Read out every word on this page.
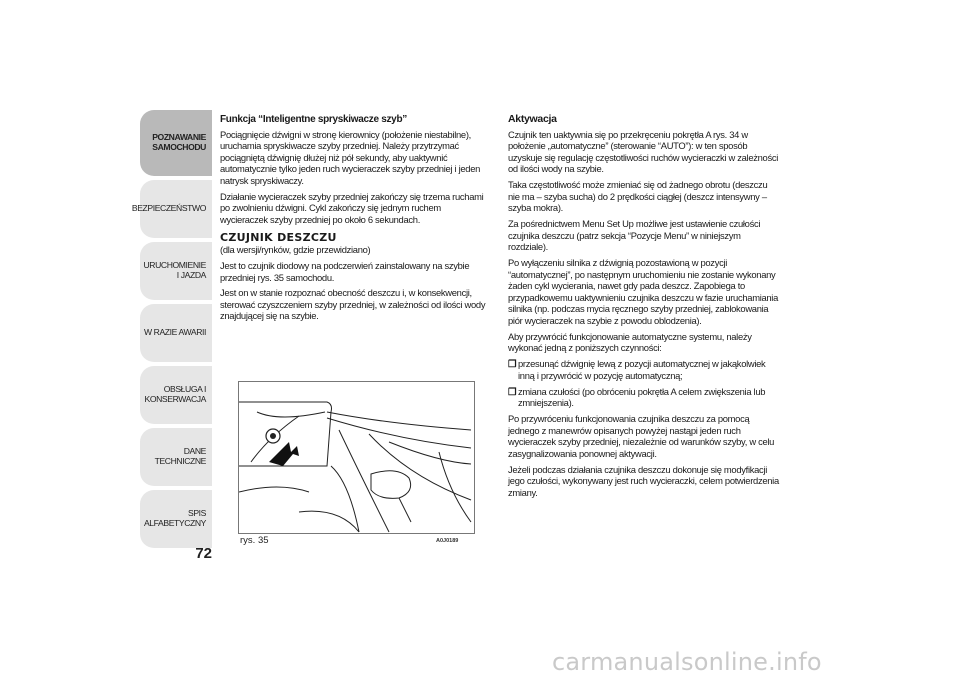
POZNAWANIE SAMOCHODU
BEZPIECZEŃSTWO
URUCHOMIENIE I JAZDA
W RAZIE AWARII
OBSŁUGA I KONSERWACJA
DANE TECHNICZNE
SPIS ALFABETYCZNY
72
Funkcja “Inteligentne spryskiwacze szyb”

Pociągnięcie dźwigni w stronę kierownicy (położenie niestabilne), uruchamia spryskiwacze szyby przedniej. Należy przytrzymać pociągniętą dźwignię dłużej niż pół sekundy, aby uaktywnić automatycznie tylko jeden ruch wycieraczek szyby przedniej i jeden natrysk spryskiwaczy.

Działanie wycieraczek szyby przedniej zakończy się trzema ruchami po zwolnieniu dźwigni. Cykl zakończy się jednym ruchem wycieraczek szyby przedniej po około 6 sekundach.

CZUJNIK DESZCZU

(dla wersji/rynków, gdzie przewidziano)

Jest to czujnik diodowy na podczerwień zainstalowany na szybie przedniej rys. 35 samochodu.

Jest on w stanie rozpoznać obecność deszczu i, w konsekwencji, sterować czyszczeniem szyby przedniej, w zależności od ilości wody znajdującej się na szybie.

rys. 35	A0J0189
Aktywacja

Czujnik ten uaktywnia się po przekręceniu pokrętła A rys. 34 w położenie „automatyczne” (sterowanie “AUTO”): w ten sposób uzyskuje się regulację częstotliwości ruchów wycieraczki w zależności od ilości wody na szybie.

Taka częstotliwość może zmieniać się od żadnego obrotu (deszczu nie ma – szyba sucha) do 2 prędkości ciągłej (deszcz intensywny – szyba mokra).

Za pośrednictwem Menu Set Up możliwe jest ustawienie czułości czujnika deszczu (patrz sekcja “Pozycje Menu” w niniejszym rozdziale).

Po wyłączeniu silnika z dźwignią pozostawioną w pozycji “automatycznej”, po następnym uruchomieniu nie zostanie wykonany żaden cykl wycierania, nawet gdy pada deszcz. Zapobiega to przypadkowemu uaktywnieniu czujnika deszczu w fazie uruchamiania silnika (np. podczas mycia ręcznego szyby przedniej, zablokowania piór wycieraczek na szybie z powodu oblodzenia).

Aby przywrócić funkcjonowanie automatyczne systemu, należy wykonać jedną z poniższych czynności:

❒ przesunąć dźwignię lewą z pozycji automatycznej w jakąkolwiek inną i przywrócić w pozycję automatyczną;
❒ zmiana czułości (po obróceniu pokrętła A celem zwiększenia lub zmniejszenia).

Po przywróceniu funkcjonowania czujnika deszczu za pomocą jednego z manewrów opisanych powyżej nastąpi jeden ruch wycieraczek szyby przedniej, niezależnie od warunków szyby, w celu zasygnalizowania ponownej aktywacji.

Jeżeli podczas działania czujnika deszczu dokonuje się modyfikacji jego czułości, wykonywany jest ruch wycieraczki, celem potwierdzenia zmiany.

carmanualsonline.info
